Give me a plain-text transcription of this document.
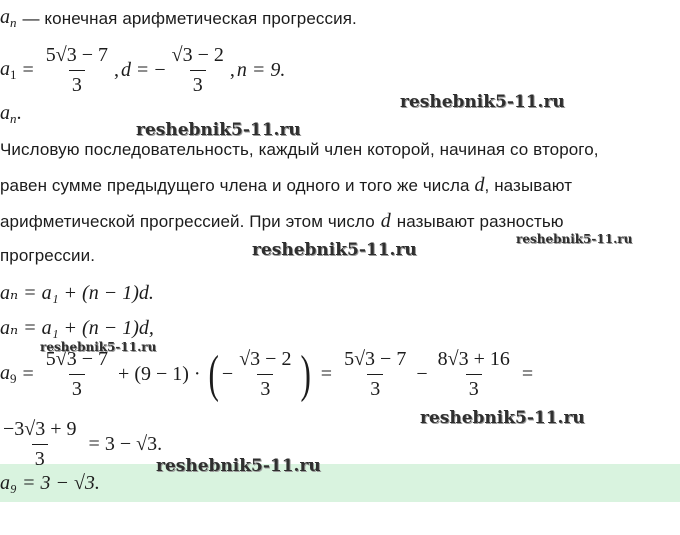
$a_n$ — конечная арифметическая прогрессия.
$a_1 = \frac{5√3 - 7}{3}$ , d = − $\frac{√3 - 2}{3}$ , n = 9.
$a_n$.
Числовую последовательность, каждый член которой, начиная со второго,
равен сумме предыдущего члена и одного и того же числа d , называют
арифметической прогрессией. При этом число d называют разностью
прогрессии.
aₙ = a₁ + (n − 1)d.
aₙ = a₁ + (n − 1)d,
$a_9 = \frac{5√3 - 7}{3} + (9 - 1)$ · ( − $\frac{√3 - 2}{3}$ ) = $\frac{5√3 - 7}{3} - \frac{8√3 + 16}{3}$ =
$\frac{-3√3 + 9}{3} = 3 - √3$.
a₉ = 3 − √3.
reshebnik5-11.ru
reshebnik5-11.ru
reshebnik5-11.ru
reshebnik5-11.ru
reshebnik5-11.ru
reshebnik5-11.ru
reshebnik5-11.ru
